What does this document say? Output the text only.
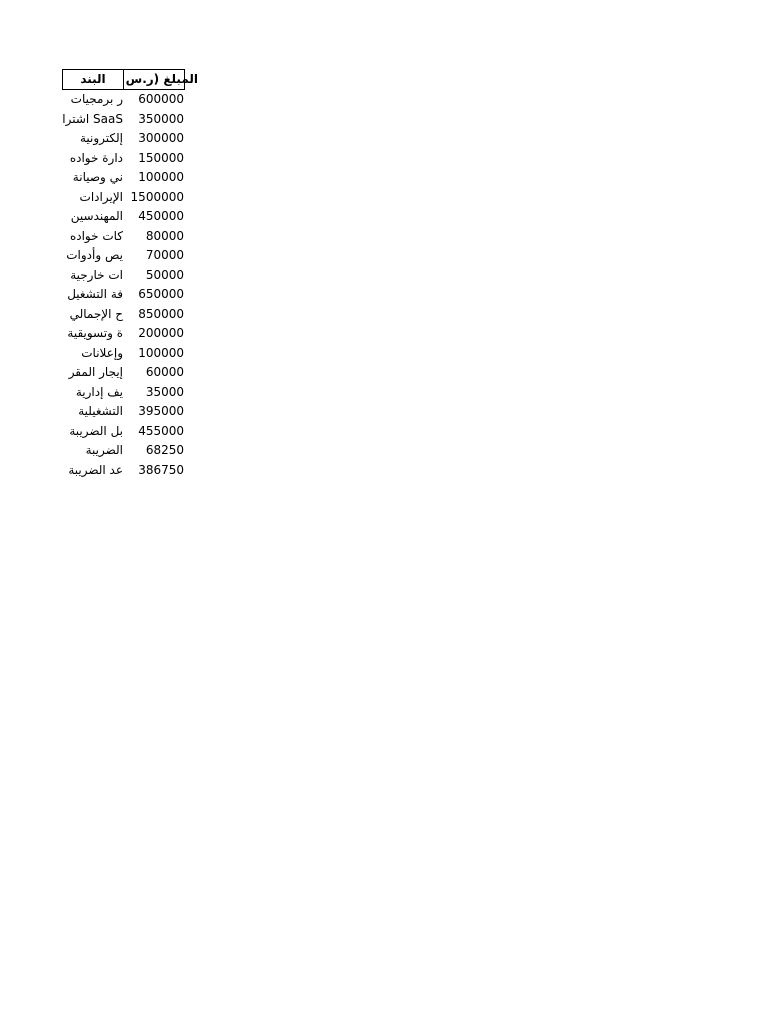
البند	المبلغ (ر.س
ر برمجيات	600000
SaaS اشترا	350000
إلكترونية	300000
دارة خواده	150000
ني وصيانة	100000
الإيرادات 1500000
المهندسين	450000
كات خواده	80000
يص وأدوات	70000
ات خارجية	50000
فة التشغيل	650000
ح الإجمالي	850000
ة وتسويقية	200000
وإعلانات	100000
إيجار المقر	60000
يف إدارية	35000
التشغيلية	395000
بل الضريبة	455000
الضريبة	68250
عد الضريبة	386750
